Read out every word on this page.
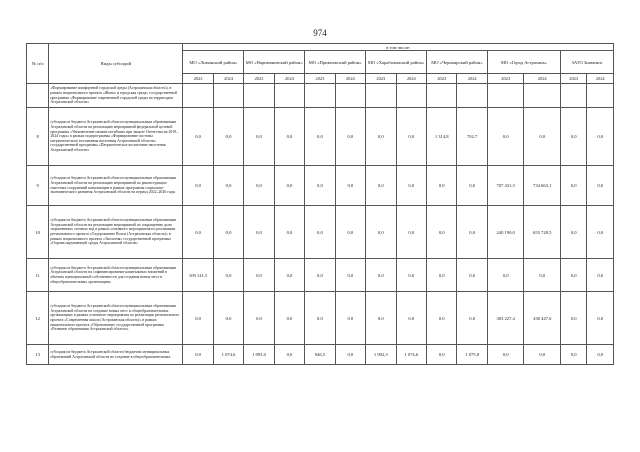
974
№ п/п	Виды субсидий	в том числе:													
		МО «Лиманский район»		МО «Наримановский район»		МО «Приволжский район»		МО «Харабалинский район»		МО «Черноярский район»		МО «Город Астрахань»		ЗАТО Знаменск	
		2023	2024	2023	2024	2023	2024	2023	2024	2023	2024	2023	2024	2023	2024
	«Формирование комфортной городской среды (Астраханская область)» в рамках национального проекта «Жилье и городская среда» государственной программы «Формирование современной городской среды на территории Астраханской области»														
8	субсидия из бюджета Астраханской области муниципальным образованиям Астраханской области на реализацию мероприятий федеральной целевой программы «Увековечение памяти погибших при защите Отечества на 2019–2024 годы» в рамках подпрограммы «Формирование системы патриотического воспитания населения Астраханской области» государственной программы «Патриотическое воспитание населения Астраханской области»	0,0	0,0	0,0	0,0	0,0	0,0	0,0	0,0	1 314,8	702,7	0,0	0,0	0,0	0,0
9	субсидия из бюджета Астраханской области муниципальным образованиям Астраханской области на реализацию мероприятий по реконструкции очистных сооружений канализации в рамках программы социально-экономического развития Астраханской области на период 2022–2026 годы	0,0	0,0	0,0	0,0	0,0	0,0	0,0	0,0	0,0	0,0	707 431,3	734 663,1	0,0	0,0
10	субсидия из бюджета Астраханской области муниципальным образованиям Астраханской области на реализацию мероприятий по сокращению доли загрязненных сточных вод в рамках основного мероприятия по реализации регионального проекта «Оздоровление Волги (Астраханская область)» в рамках национального проекта «Экология» государственной программы «Охрана окружающей среды Астраханской области»	0,0	0,0	0,0	0,0	0,0	0,0	0,0	0,0	0,0	0,0	240 190,0	655 728,5	0,0	0,0
11	субсидия из бюджета Астраханской области муниципальным образованиям Астраханской области на софинансирование капитальных вложений в объекты муниципальной собственности для создания новых мест в общеобразовательных организациях	109 141,5	0,0	0,0	0,0	0,0	0,0	0,0	0,0	0,0	0,0	0,0	0,0	0,0	0,0
12	субсидия из бюджета Астраханской области муниципальным образованиям Астраханской области на создание новых мест в общеобразовательных организациях в рамках основного мероприятия по реализации регионального проекта «Современная школа (Астраханская область)» в рамках национального проекта «Образование» государственной программы «Развитие образования Астраханской области»	0,0	0,0	0,0	0,0	0,0	0,0	0,0	0,0	0,0	0,0	303 227,4	438 447,6	0,0	0,0
13	субсидия из бюджета Астраханской области бюджетам муниципальных образований Астраханской области на создание в общеобразовательных	0,0	1 074,6	1 893,0	0,0	946,5	0,0	1 902,3	1 074,6	0,0	1 075,8	0,0	0,0	0,0	0,0
